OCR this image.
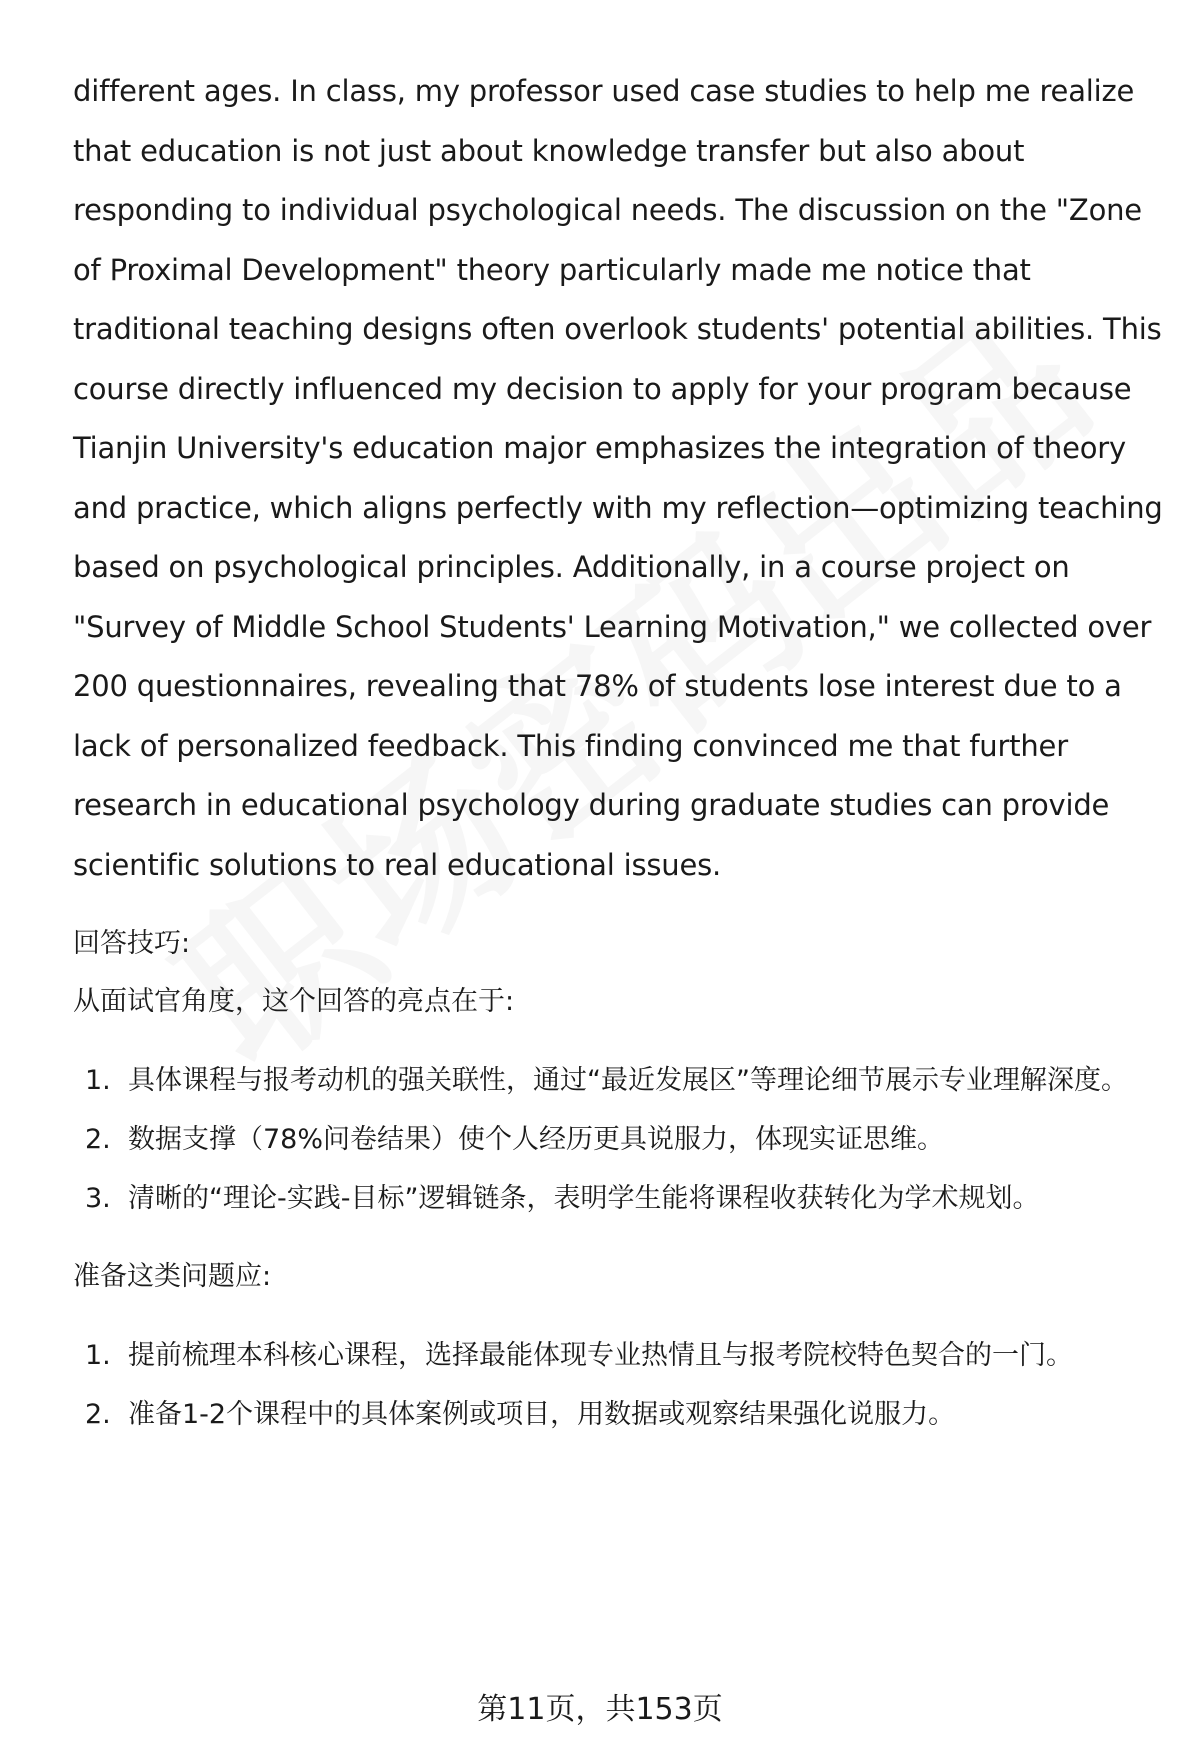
different ages. In class, my professor used case studies to help me realize that education is not just about knowledge transfer but also about responding to individual psychological needs. The discussion on the "Zone of Proximal Development" theory particularly made me notice that traditional teaching designs often overlook students' potential abilities. This course directly influenced my decision to apply for your program because Tianjin University's education major emphasizes the integration of theory and practice, which aligns perfectly with my reflection—optimizing teaching based on psychological principles. Additionally, in a course project on "Survey of Middle School Students' Learning Motivation," we collected over 200 questionnaires, revealing that 78% of students lose interest due to a lack of personalized feedback. This finding convinced me that further research in educational psychology during graduate studies can provide scientific solutions to real educational issues.

回答技巧:

从面试官角度，这个回答的亮点在于:

1. 具体课程与报考动机的强关联性，通过“最近发展区”等理论细节展示专业理解深度。
2. 数据支撑（78%问卷结果）使个人经历更具说服力，体现实证思维。
3. 清晰的“理论-实践-目标”逻辑链条，表明学生能将课程收获转化为学术规划。

准备这类问题应:

1. 提前梳理本科核心课程，选择最能体现专业热情且与报考院校特色契合的一门。
2. 准备1-2个课程中的具体案例或项目，用数据或观察结果强化说服力。
第11页，共153页
